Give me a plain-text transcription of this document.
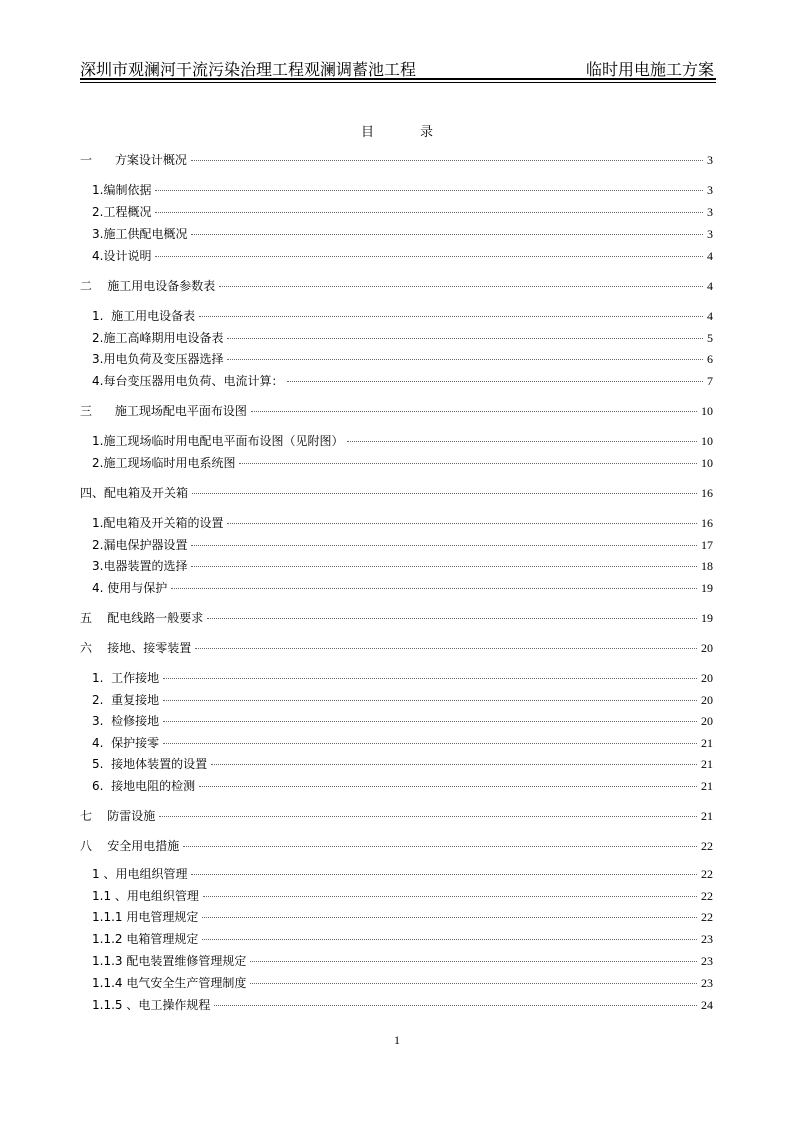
深圳市观澜河干流污染治理工程观澜调蓄池工程	临时用电施工方案
目	录
一 方案设计概况	3
1. 编制依据	3
2. 工程概况	3
3. 施工供配电概况	3
4. 设计说明	4
二 施工用电设备参数表	4
1. 施工用电设备表	4
2. 施工高峰期用电设备表	5
3. 用电负荷及变压器选择	6
4. 每台变压器用电负荷、电流计算：	7
三 施工现场配电平面布设图	10
1. 施工现场临时用电配电平面布设图（见附图）	10
2. 施工现场临时用电系统图	10
四、 配电箱及开关箱	16
1. 配电箱及开关箱的设置	16
2. 漏电保护器设置	17
3. 电器装置的选择	18
4. 使用与保护	19
五 配电线路一般要求	19
六 接地、接零装置	20
1. 工作接地	20
2. 重复接地	20
3. 检修接地	20
4. 保护接零	21
5. 接地体装置的设置	21
6. 接地电阻的检测	21
七 防雷设施	21
八 安全用电措施	22
1 、 用电组织管理	22
1.1 、 用电组织管理	22
1.1.1 用电管理规定	22
1.1.2 电箱管理规定	23
1.1.3 配电装置维修管理规定	23
1.1.4 电气安全生产管理制度	23
1.1.5 、 电工操作规程	24
1
